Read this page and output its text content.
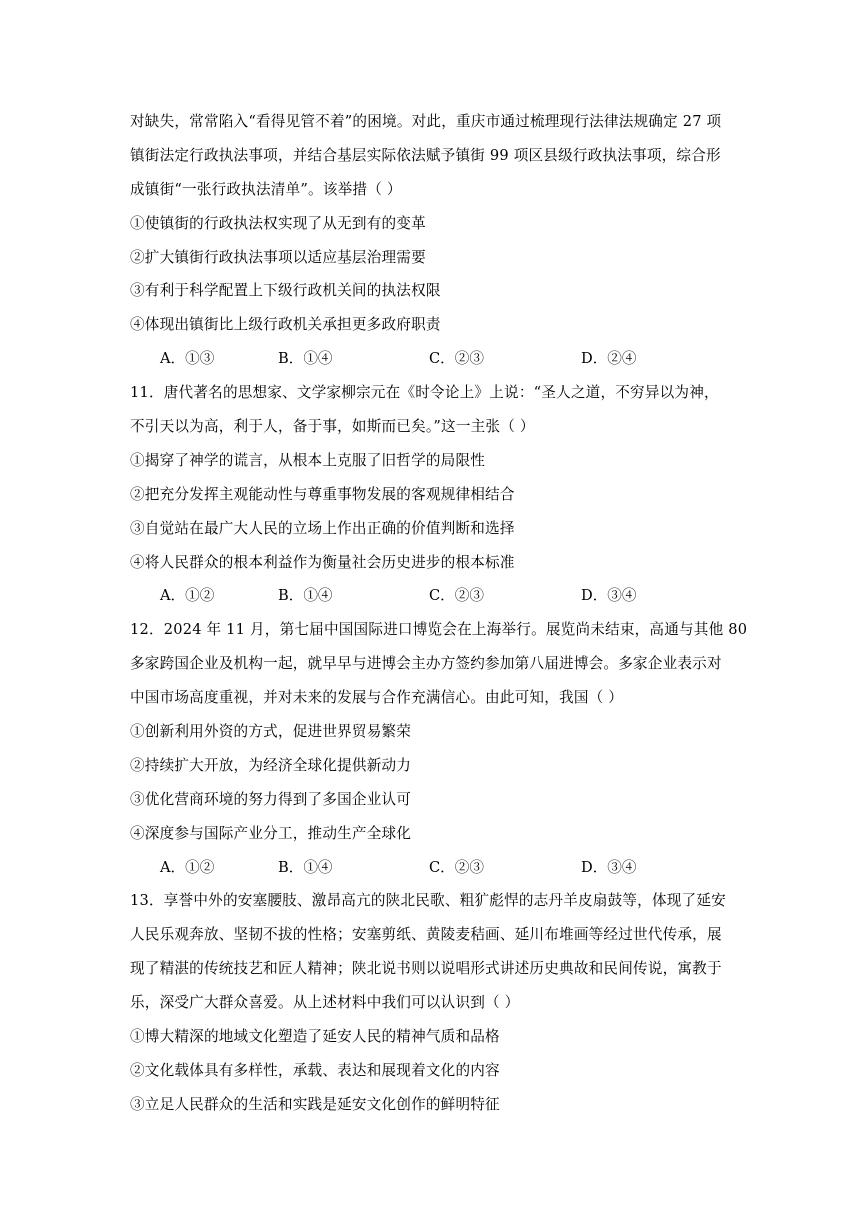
对缺失，常常陷入“看得见管不着”的困境。对此，重庆市通过梳理现行法律法规确定 27 项
镇街法定行政执法事项，并结合基层实际依法赋予镇街 99 项区县级行政执法事项，综合形
成镇街“一张行政执法清单”。该举措（ ）
①使镇街的行政执法权实现了从无到有的变革
②扩大镇街行政执法事项以适应基层治理需要
③有利于科学配置上下级行政机关间的执法权限
④体现出镇街比上级行政机关承担更多政府职责
A．①③	B．①④	C．②③	D．②④
11．唐代著名的思想家、文学家柳宗元在《时令论上》上说：“圣人之道，不穷异以为神，
不引天以为高，利于人，备于事，如斯而已矣。”这一主张（ ）
①揭穿了神学的谎言，从根本上克服了旧哲学的局限性
②把充分发挥主观能动性与尊重事物发展的客观规律相结合
③自觉站在最广大人民的立场上作出正确的价值判断和选择
④将人民群众的根本利益作为衡量社会历史进步的根本标准
A．①②	B．①④	C．②③	D．③④
12．2024 年 11 月，第七届中国国际进口博览会在上海举行。展览尚未结束，高通与其他 80
多家跨国企业及机构一起，就早早与进博会主办方签约参加第八届进博会。多家企业表示对
中国市场高度重视，并对未来的发展与合作充满信心。由此可知，我国（ ）
①创新利用外资的方式，促进世界贸易繁荣
②持续扩大开放，为经济全球化提供新动力
③优化营商环境的努力得到了多国企业认可
④深度参与国际产业分工，推动生产全球化
A．①②	B．①④	C．②③	D．③④
13．享誉中外的安塞腰肢、激昂高亢的陕北民歌、粗犷彪悍的志丹羊皮扇鼓等，体现了延安
人民乐观奔放、坚韧不拔的性格；安塞剪纸、黄陵麦秸画、延川布堆画等经过世代传承，展
现了精湛的传统技艺和匠人精神；陕北说书则以说唱形式讲述历史典故和民间传说，寓教于
乐，深受广大群众喜爱。从上述材料中我们可以认识到（ ）
①博大精深的地域文化塑造了延安人民的精神气质和品格
②文化载体具有多样性，承载、表达和展现着文化的内容
③立足人民群众的生活和实践是延安文化创作的鲜明特征
